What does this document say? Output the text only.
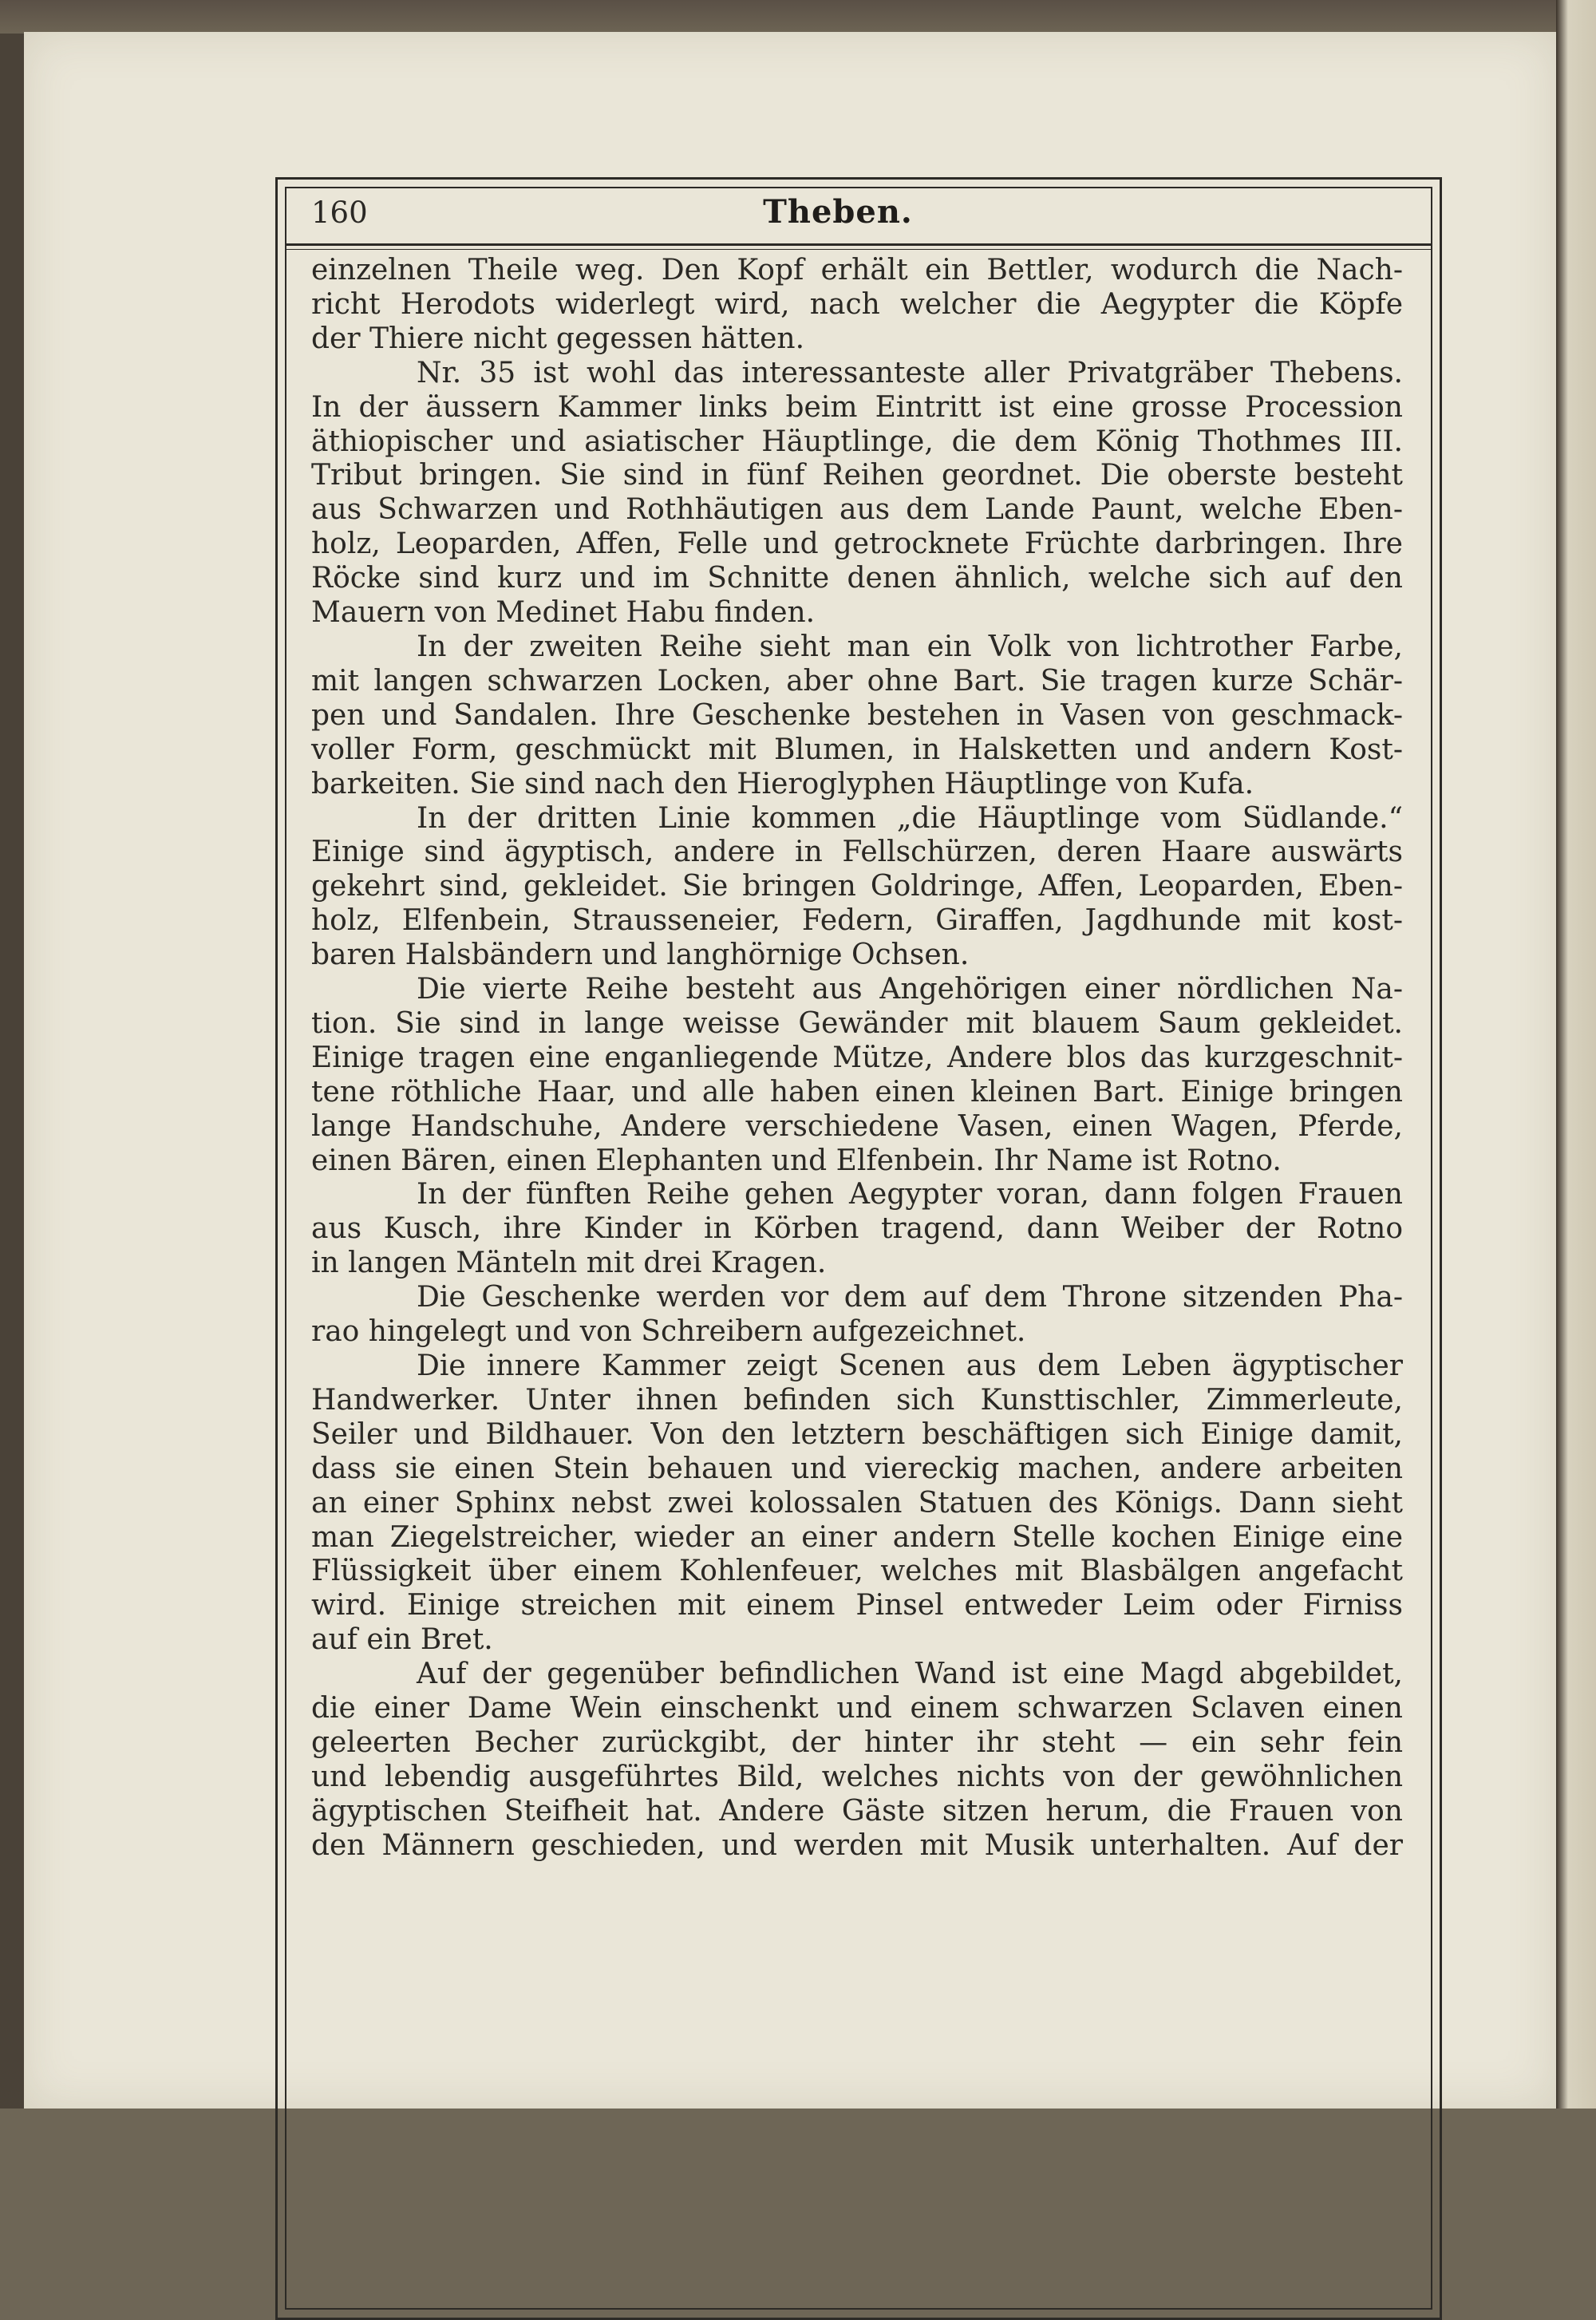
160	Theben.
einzelnen Theile weg. Den Kopf erhält ein Bettler, wodurch die Nach-
richt Herodots widerlegt wird, nach welcher die Aegypter die Köpfe
der Thiere nicht gegessen hätten.
Nr. 35 ist wohl das interessanteste aller Privatgräber Thebens.
In der äussern Kammer links beim Eintritt ist eine grosse Procession
äthiopischer und asiatischer Häuptlinge, die dem König Thothmes III.
Tribut bringen. Sie sind in fünf Reihen geordnet. Die oberste besteht
aus Schwarzen und Rothhäutigen aus dem Lande Paunt, welche Eben-
holz, Leoparden, Affen, Felle und getrocknete Früchte darbringen. Ihre
Röcke sind kurz und im Schnitte denen ähnlich, welche sich auf den
Mauern von Medinet Habu finden.
In der zweiten Reihe sieht man ein Volk von lichtrother Farbe,
mit langen schwarzen Locken, aber ohne Bart. Sie tragen kurze Schär-
pen und Sandalen. Ihre Geschenke bestehen in Vasen von geschmack-
voller Form, geschmückt mit Blumen, in Halsketten und andern Kost-
barkeiten. Sie sind nach den Hieroglyphen Häuptlinge von Kufa.
In der dritten Linie kommen „die Häuptlinge vom Südlande.“
Einige sind ägyptisch, andere in Fellschürzen, deren Haare auswärts
gekehrt sind, gekleidet. Sie bringen Goldringe, Affen, Leoparden, Eben-
holz, Elfenbein, Strausseneier, Federn, Giraffen, Jagdhunde mit kost-
baren Halsbändern und langhörnige Ochsen.
Die vierte Reihe besteht aus Angehörigen einer nördlichen Na-
tion. Sie sind in lange weisse Gewänder mit blauem Saum gekleidet.
Einige tragen eine enganliegende Mütze, Andere blos das kurzgeschnit-
tene röthliche Haar, und alle haben einen kleinen Bart. Einige bringen
lange Handschuhe, Andere verschiedene Vasen, einen Wagen, Pferde,
einen Bären, einen Elephanten und Elfenbein. Ihr Name ist Rotno.
In der fünften Reihe gehen Aegypter voran, dann folgen Frauen
aus Kusch, ihre Kinder in Körben tragend, dann Weiber der Rotno
in langen Mänteln mit drei Kragen.
Die Geschenke werden vor dem auf dem Throne sitzenden Pha-
rao hingelegt und von Schreibern aufgezeichnet.
Die innere Kammer zeigt Scenen aus dem Leben ägyptischer
Handwerker. Unter ihnen befinden sich Kunsttischler, Zimmerleute,
Seiler und Bildhauer. Von den letztern beschäftigen sich Einige damit,
dass sie einen Stein behauen und viereckig machen, andere arbeiten
an einer Sphinx nebst zwei kolossalen Statuen des Königs. Dann sieht
man Ziegelstreicher, wieder an einer andern Stelle kochen Einige eine
Flüssigkeit über einem Kohlenfeuer, welches mit Blasbälgen angefacht
wird. Einige streichen mit einem Pinsel entweder Leim oder Firniss
auf ein Bret.
Auf der gegenüber befindlichen Wand ist eine Magd abgebildet,
die einer Dame Wein einschenkt und einem schwarzen Sclaven einen
geleerten Becher zurückgibt, der hinter ihr steht — ein sehr fein
und lebendig ausgeführtes Bild, welches nichts von der gewöhnlichen
ägyptischen Steifheit hat. Andere Gäste sitzen herum, die Frauen von
den Männern geschieden, und werden mit Musik unterhalten. Auf der
